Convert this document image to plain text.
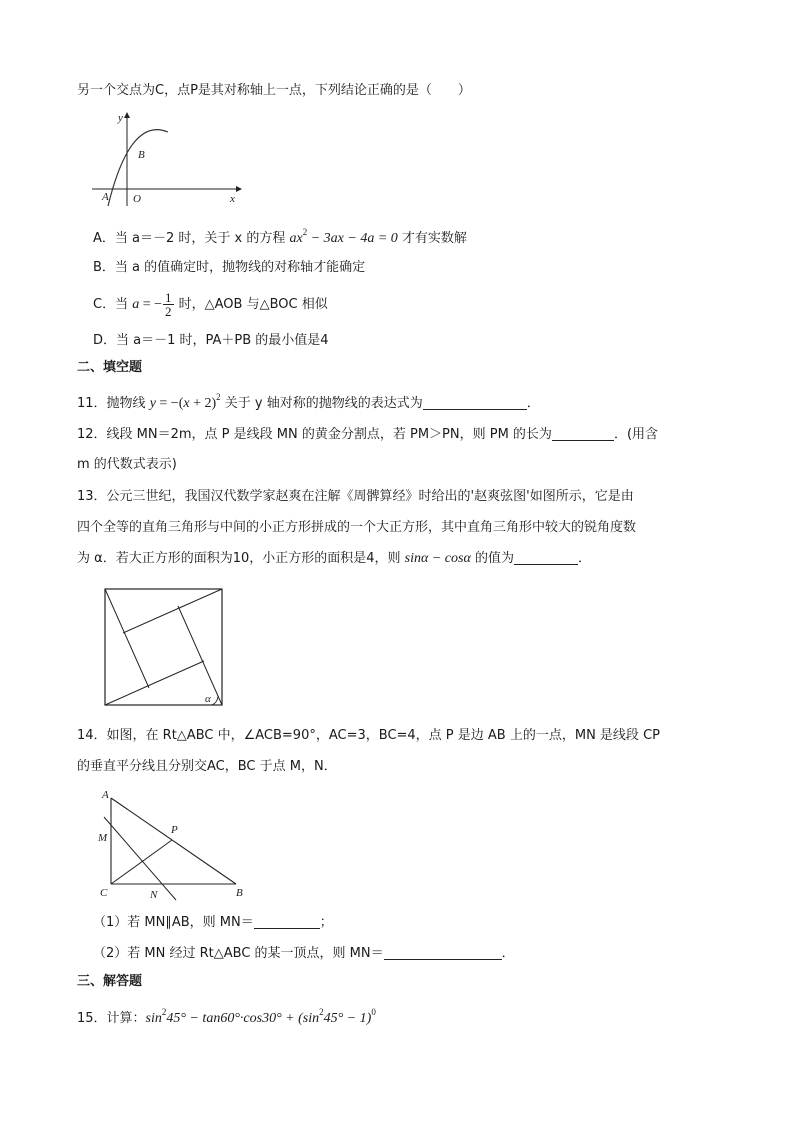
另一个交点为C，点P是其对称轴上一点，下列结论正确的是（　　）
y
x
B
O
A
A．当 a＝－2 时，关于 x 的方程 $ax^2 - 3ax - 4a = 0$ 才有实数解
B．当 a 的值确定时，抛物线的对称轴才能确定
C．当 a = − $\frac{1}{2}$ 时，△AOB 与△BOC 相似
D．当 a＝－1 时，PA＋PB 的最小值是4
二、填空题
11．抛物线 $y = -(x + 2)^2$ 关于 y 轴对称的抛物线的表达式为	．
12．线段 MN＝2m，点 P 是线段 MN 的黄金分割点，若 PM＞PN，则 PM 的长为	．(用含
m 的代数式表示)
13．公元三世纪，我国汉代数学家赵爽在注解《周髀算经》时给出的'赵爽弦图'如图所示，它是由
四个全等的直角三角形与中间的小正方形拼成的一个大正方形，其中直角三角形中较大的锐角度数
为 α．若大正方形的面积为10，小正方形的面积是4，则 sinα − cosα 的值为	．
α
14．如图，在 Rt△ABC 中，∠ACB=90°，AC=3，BC=4，点 P 是边 AB 上的一点，MN 是线段 CP
的垂直平分线且分别交AC，BC 于点 M，N．
A
M
P
C	N	B
（1）若 MN∥AB，则 MN＝	；
（2）若 MN 经过 Rt△ABC 的某一顶点，则 MN＝	．
三、解答题
15．计算：$\sin^245^\circ - \tan 60^\circ\cdot\cos 30^\circ + (\sin^245^\circ - 1)^0$
